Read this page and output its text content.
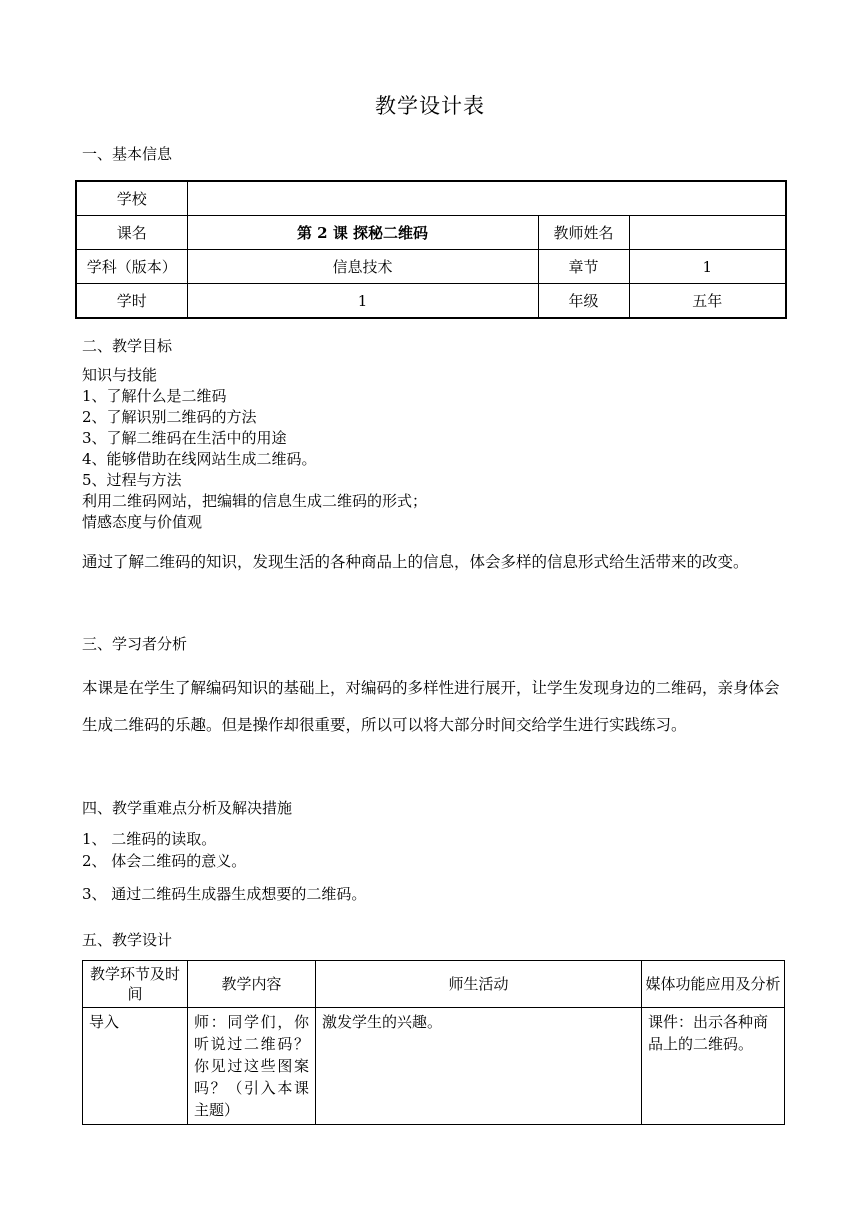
教学设计表
一、基本信息
学校			
课名	第 2 课 探秘二维码	教师姓名	
学科（版本）	信息技术	章节	1
学时	1	年级	五年
二、教学目标
知识与技能
1、了解什么是二维码
2、了解识别二维码的方法
3、了解二维码在生活中的用途
4、能够借助在线网站生成二维码。
5、过程与方法
利用二维码网站，把编辑的信息生成二维码的形式；
情感态度与价值观
通过了解二维码的知识，发现生活的各种商品上的信息，体会多样的信息形式给生活带来的改变。
三、学习者分析
本课是在学生了解编码知识的基础上，对编码的多样性进行展开，让学生发现身边的二维码，亲身体会生成二维码的乐趣。但是操作却很重要，所以可以将大部分时间交给学生进行实践练习。
四、教学重难点分析及解决措施
1、 二维码的读取。
2、 体会二维码的意义。
3、 通过二维码生成器生成想要的二维码。
五、教学设计
教学环节及时间	教学内容	师生活动	媒体功能应用及分析
导入	师：同学们，你听说过二维码？你见过这些图案吗？（引入本课主题）	激发学生的兴趣。	课件：出示各种商品上的二维码。
